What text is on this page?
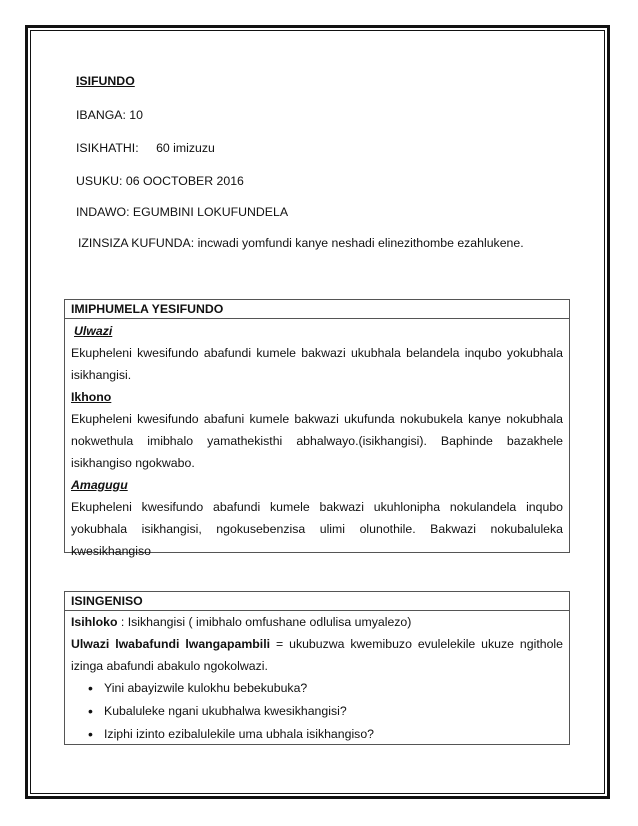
ISIFUNDO
IBANGA: 10
ISIKHATHI: 60 imizuzu
USUKU: 06 OOCTOBER 2016
INDAWO: EGUMBINI LOKUFUNDELA
IZINSIZA KUFUNDA: incwadi yomfundi kanye neshadi elinezithombe ezahlukene.
IMIPHUMELA YESIFUNDO
Ulwazi
Ekupheleni kwesifundo abafundi kumele bakwazi ukubhala belandela inqubo yokubhala
isikhangisi.
Ikhono
Ekupheleni kwesifundo abafuni kumele bakwazi ukufunda nokubukela kanye nokubhala
nokwethula imibhalo yamathekisthi abhalwayo.(isikhangisi). Baphinde bazakhele
isikhangiso ngokwabo.
Amagugu
Ekupheleni kwesifundo abafundi kumele bakwazi ukuhlonipha nokulandela inqubo
yokubhala isikhangisi, ngokusebenzisa ulimi olunothile. Bakwazi nokubaluleka
kwesikhangiso
ISINGENISO
Isihloko : Isikhangisi ( imibhalo omfushane odlulisa umyalezo)
Ulwazi lwabafundi lwangapambili = ukubuzwa kwemibuzo evulelekile ukuze ngithole
izinga abafundi abakulo ngokolwazi.
• Yini abayizwile kulokhu bebekubuka?
• Kubaluleke ngani ukubhalwa kwesikhangisi?
• Iziphi izinto ezibalulekile uma ubhala isikhangiso?
